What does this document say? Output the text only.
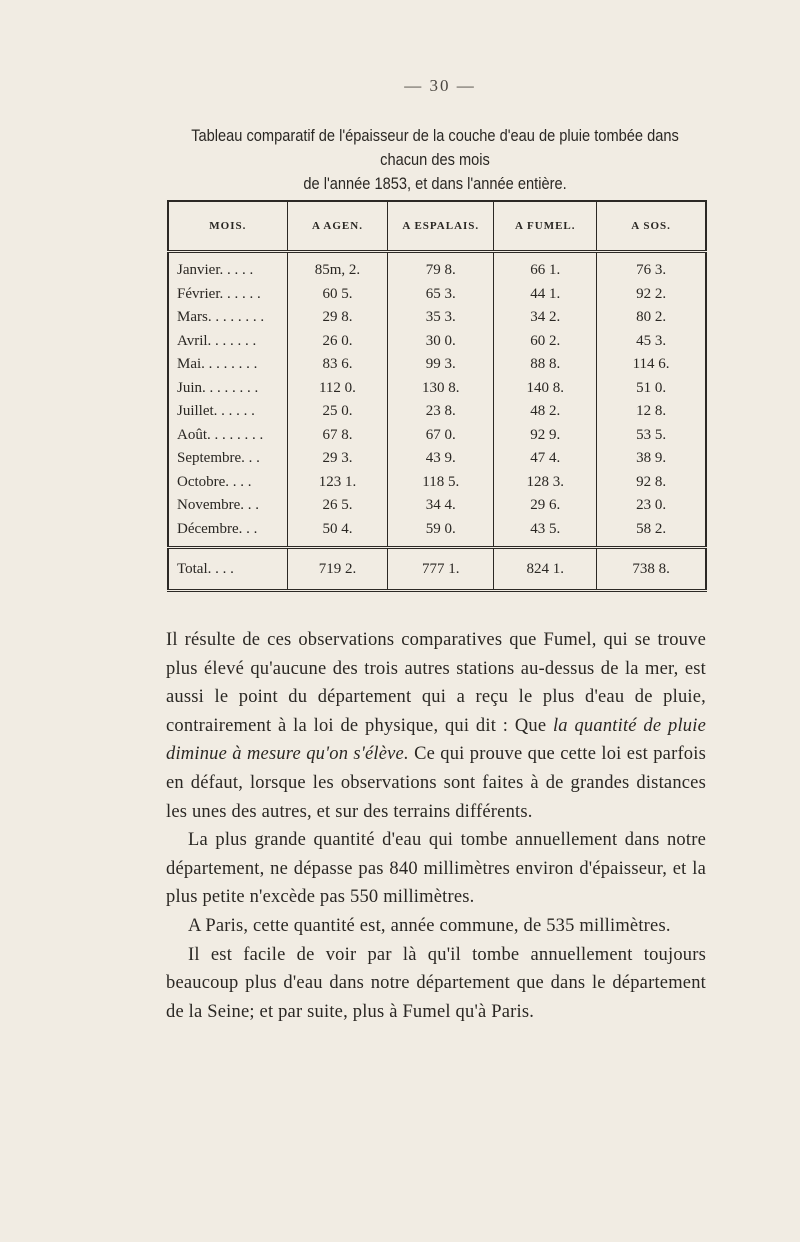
— 30 —
Tableau comparatif de l'épaisseur de la couche d'eau de pluie tombée dans chacun des mois
de l'année 1853, et dans l'année entière.
MOIS.	A AGEN.	A ESPALAIS.	A FUMEL.	A SOS.
Janvier. . . . .	85m, 2.	79 8.	66 1.	76 3.
Février. . . . . .	60 5.	65 3.	44 1.	92 2.
Mars. . . . . . . .	29 8.	35 3.	34 2.	80 2.
Avril. . . . . . .	26 0.	30 0.	60 2.	45 3.
Mai. . . . . . . .	83 6.	99 3.	88 8.	114 6.
Juin. . . . . . . .	112 0.	130 8.	140 8.	51 0.
Juillet. . . . . .	25 0.	23 8.	48 2.	12 8.
Août. . . . . . . .	67 8.	67 0.	92 9.	53 5.
Septembre. . .	29 3.	43 9.	47 4.	38 9.
Octobre. . . .	123 1.	118 5.	128 3.	92 8.
Novembre. . .	26 5.	34 4.	29 6.	23 0.
Décembre. . .	50 4.	59 0.	43 5.	58 2.
Total. . . .	719 2.	777 1.	824 1.	738 8.

Il résulte de ces observations comparatives que Fumel, qui se trouve plus élevé qu'aucune des trois autres stations au-dessus de la mer, est aussi le point du département qui a reçu le plus d'eau de pluie, contrairement à la loi de physique, qui dit : Que la quantité de pluie diminue à mesure qu'on s'élève. Ce qui prouve que cette loi est parfois en défaut, lorsque les observations sont faites à de grandes distances les unes des autres, et sur des terrains différents.

La plus grande quantité d'eau qui tombe annuellement dans notre département, ne dépasse pas 840 millimètres environ d'épaisseur, et la plus petite n'excède pas 550 millimètres.

A Paris, cette quantité est, année commune, de 535 millimètres.

Il est facile de voir par là qu'il tombe annuellement toujours beaucoup plus d'eau dans notre département que dans le département de la Seine; et par suite, plus à Fumel qu'à Paris.
